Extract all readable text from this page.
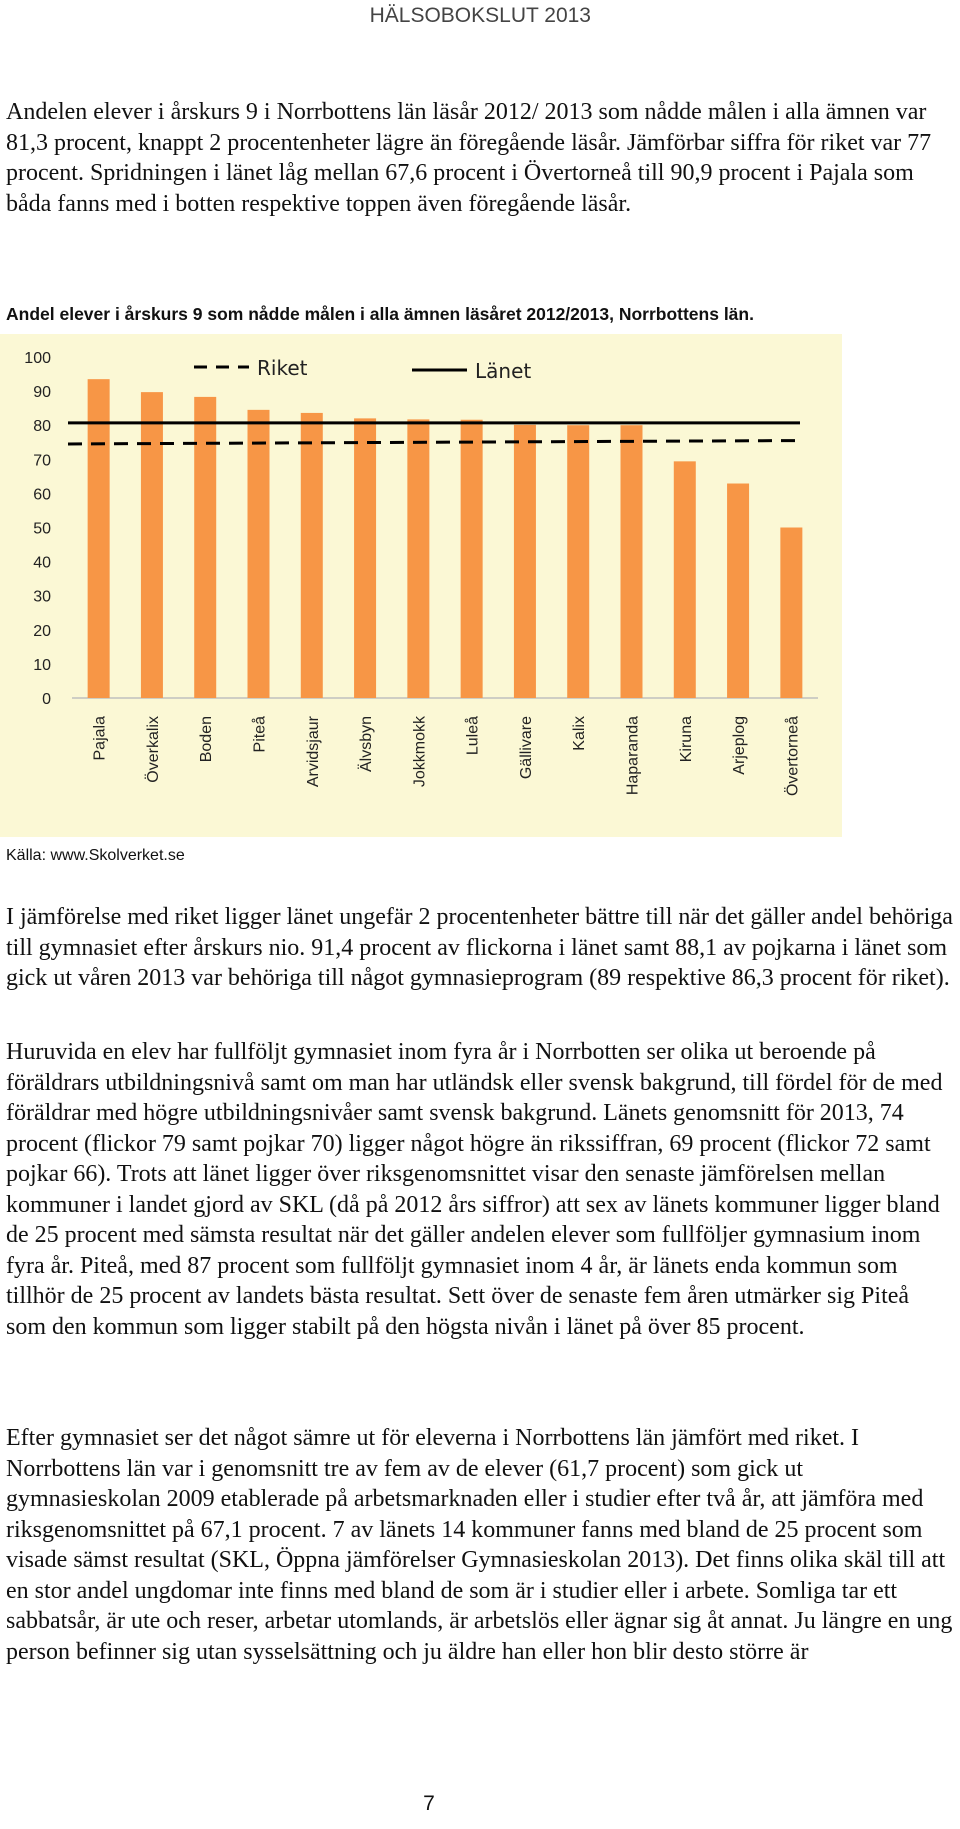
HÄLSOBOKSLUT 2013

Andelen elever i årskurs 9 i Norrbottens län läsår 2012/ 2013 som nådde målen i alla ämnen var 81,3 procent, knappt 2 procentenheter lägre än föregående läsår. Jämförbar siffra för riket var 77 procent. Spridningen i länet låg mellan 67,6 procent i Övertorneå till 90,9 procent i Pajala som båda fanns med i botten respektive toppen även föregående läsår.

Andel elever i årskurs 9 som nådde målen i alla ämnen läsåret 2012/2013, Norrbottens län.
0
10
20
30
40
50
60
70
80
90
100
Pajala Överkalix Boden Piteå Arvidsjaur Älvsbyn Jokkmokk Luleå Gällivare Kalix Haparanda Kiruna Arjeplog Övertorneå
Riket	Länet
Källa: www.Skolverket.se

I jämförelse med riket ligger länet ungefär 2 procentenheter bättre till när det gäller andel behöriga till gymnasiet efter årskurs nio. 91,4 procent av flickorna i länet samt 88,1 av pojkarna i länet som gick ut våren 2013 var behöriga till något gymnasieprogram (89 respektive 86,3 procent för riket).

Huruvida en elev har fullföljt gymnasiet inom fyra år i Norrbotten ser olika ut beroende på föräldrars utbildningsnivå samt om man har utländsk eller svensk bakgrund, till fördel för de med föräldrar med högre utbildningsnivåer samt svensk bakgrund. Länets genomsnitt för 2013, 74 procent (flickor 79 samt pojkar 70) ligger något högre än rikssiffran, 69 procent (flickor 72 samt pojkar 66). Trots att länet ligger över riksgenomsnittet visar den senaste jämförelsen mellan kommuner i landet gjord av SKL (då på 2012 års siffror) att sex av länets kommuner ligger bland de 25 procent med sämsta resultat när det gäller andelen elever som fullföljer gymnasium inom fyra år. Piteå, med 87 procent som fullföljt gymnasiet inom 4 år, är länets enda kommun som tillhör de 25 procent av landets bästa resultat. Sett över de senaste fem åren utmärker sig Piteå som den kommun som ligger stabilt på den högsta nivån i länet på över 85 procent.

Efter gymnasiet ser det något sämre ut för eleverna i Norrbottens län jämfört med riket. I Norrbottens län var i genomsnitt tre av fem av de elever (61,7 procent) som gick ut gymnasieskolan 2009 etablerade på arbetsmarknaden eller i studier efter två år, att jämföra med riksgenomsnittet på 67,1 procent. 7 av länets 14 kommuner fanns med bland de 25 procent som visade sämst resultat (SKL, Öppna jämförelser Gymnasieskolan 2013). Det finns olika skäl till att en stor andel ungdomar inte finns med bland de som är i studier eller i arbete. Somliga tar ett sabbatsår, är ute och reser, arbetar utomlands, är arbetslös eller ägnar sig åt annat. Ju längre en ung person befinner sig utan sysselsättning och ju äldre han eller hon blir desto större är

7
